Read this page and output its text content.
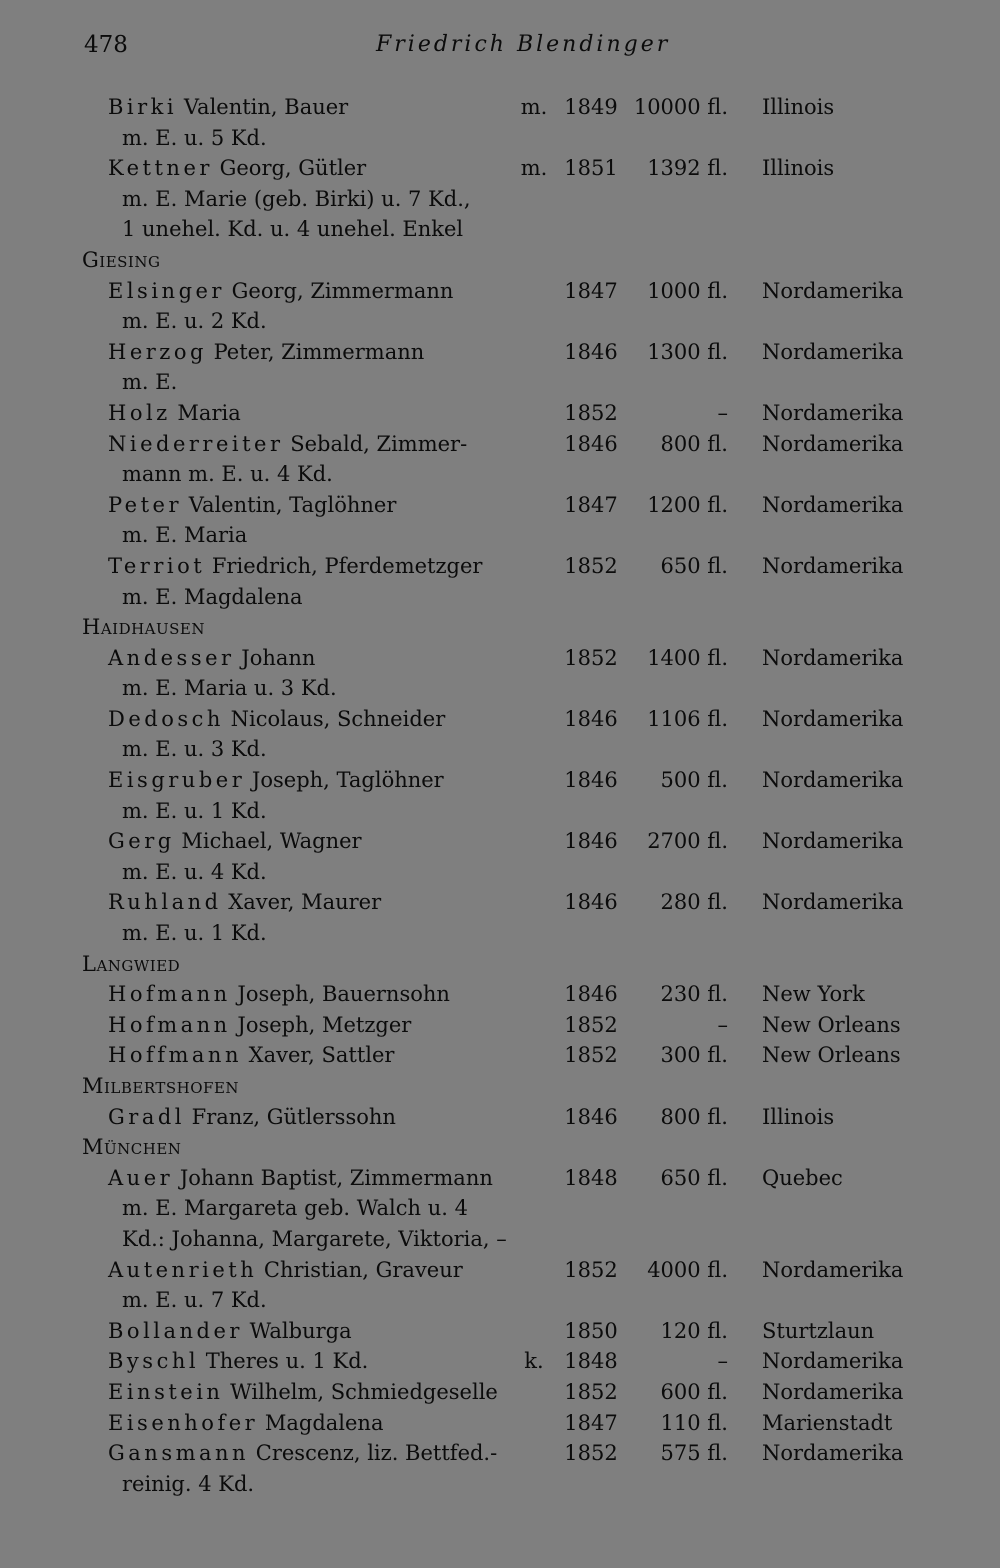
478	Friedrich Blendinger
Birki Valentin, Bauer	m. 1849 10000 fl. Illinois
m. E. u. 5 Kd.
Kettner Georg, Gütler	m. 1851	1392 fl. Illinois
m. E. Marie (geb. Birki) u. 7 Kd.,
1 unehel. Kd. u. 4 unehel. Enkel
Giesing
Elsinger Georg, Zimmermann	1847	1000 fl. Nordamerika
m. E. u. 2 Kd.
Herzog Peter, Zimmermann	1846	1300 fl. Nordamerika
m. E.
Holz Maria	1852	– Nordamerika
Niederreiter Sebald, Zimmer-	1846	800 fl. Nordamerika
mann m. E. u. 4 Kd.
Peter Valentin, Taglöhner	1847	1200 fl. Nordamerika
m. E. Maria
Terriot Friedrich, Pferdemetzger	1852	650 fl. Nordamerika
m. E. Magdalena
Haidhausen
Andesser Johann	1852	1400 fl. Nordamerika
m. E. Maria u. 3 Kd.
Dedosch Nicolaus, Schneider	1846	1106 fl. Nordamerika
m. E. u. 3 Kd.
Eisgruber Joseph, Taglöhner	1846	500 fl. Nordamerika
m. E. u. 1 Kd.
Gerg Michael, Wagner	1846	2700 fl. Nordamerika
m. E. u. 4 Kd.
Ruhland Xaver, Maurer	1846	280 fl. Nordamerika
m. E. u. 1 Kd.
Langwied
Hofmann Joseph, Bauernsohn	1846	230 fl. New York
Hofmann Joseph, Metzger	1852	– New Orleans
Hoffmann Xaver, Sattler	1852	300 fl. New Orleans
Milbertshofen
Gradl Franz, Gütlerssohn	1846	800 fl. Illinois
München
Auer Johann Baptist, Zimmermann	1848	650 fl. Quebec
m. E. Margareta geb. Walch u. 4
Kd.: Johanna, Margarete, Viktoria, –
Autenrieth Christian, Graveur	1852	4000 fl. Nordamerika
m. E. u. 7 Kd.
Bollander Walburga	1850	120 fl. Sturtzlaun
Byschl Theres u. 1 Kd.	k. 1848	– Nordamerika
Einstein Wilhelm, Schmiedgeselle	1852	600 fl. Nordamerika
Eisenhofer Magdalena	1847	110 fl. Marienstadt
Gansmann Crescenz, liz. Bettfed.-	1852	575 fl. Nordamerika
reinig. 4 Kd.
